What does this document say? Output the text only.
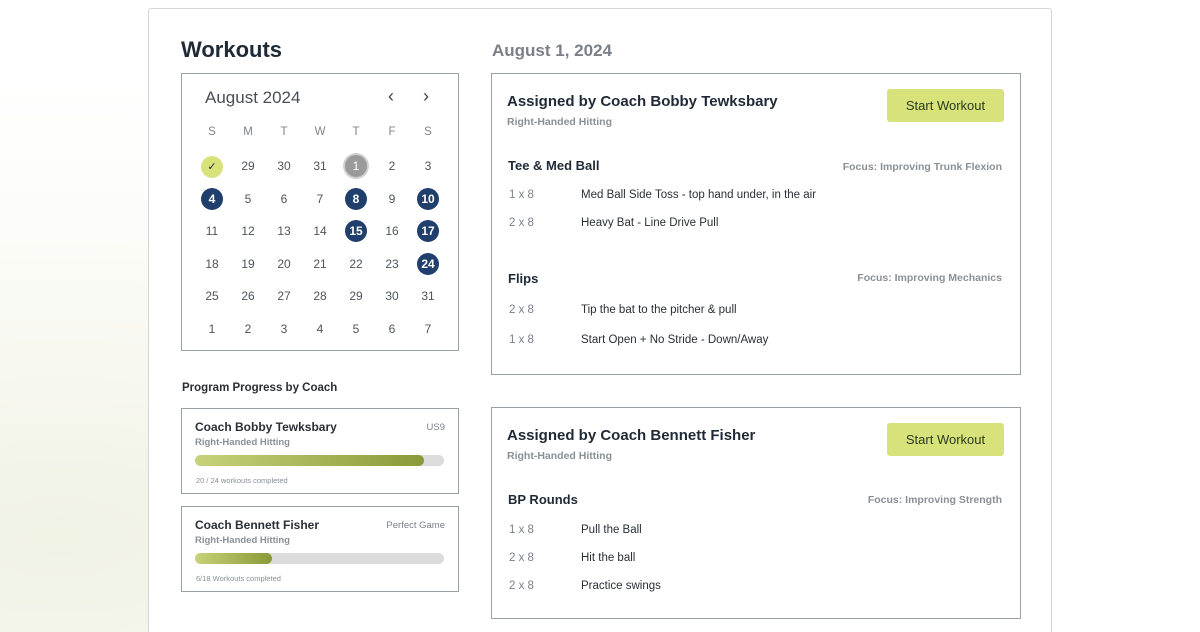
Workouts	August 1, 2024
August 2024	‹ ›
S	M	T	W	T	F	S
✓	29	30	31	1	2	3
4	5	6	7	8	9	10
11	12	13	14	15	16	17
18	19	20	21	22	23	24
25	26	27	28	29	30	31
1	2	3	4	5	6	7
Program Progress by Coach
Coach Bobby Tewksbary	US9
Right-Handed Hitting
20 / 24 workouts completed
Coach Bennett Fisher	Perfect Game
Right-Handed Hitting
6/18 Workouts completed
Assigned by Coach Bobby Tewksbary
Right-Handed Hitting
Start Workout
Tee & Med Ball	Focus: Improving Trunk Flexion
1 x 8	Med Ball Side Toss - top hand under, in the air
2 x 8	Heavy Bat - Line Drive Pull
Flips	Focus: Improving Mechanics
2 x 8	Tip the bat to the pitcher & pull
1 x 8	Start Open + No Stride - Down/Away
Assigned by Coach Bennett Fisher
Right-Handed Hitting
Start Workout
BP Rounds	Focus: Improving Strength
1 x 8	Pull the Ball
2 x 8	Hit the ball
2 x 8	Practice swings
